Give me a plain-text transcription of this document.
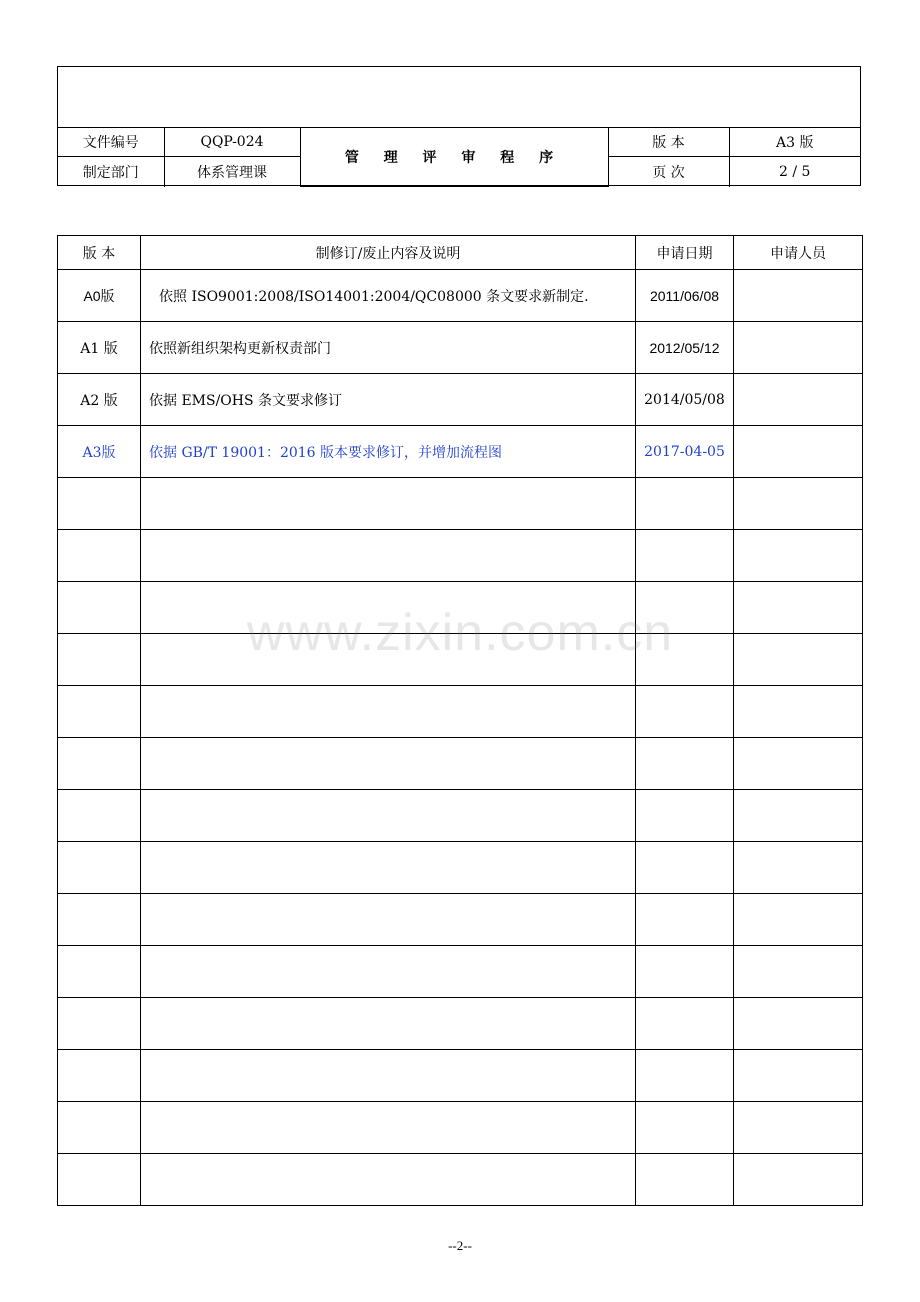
文件编号	QQP-024	管 理 评 审 程 序	版 本	A3 版
制定部门	体系管理课		页 次	2 / 5
版 本	制修订/废止内容及说明	申请日期	申请人员
A0版	依照 ISO9001:2008/ISO14001:2004/QC08000 条文要求新制定.	2011/06/08	
A1 版	依照新组织架构更新权责部门	2012/05/12	
A2 版	依据 EMS/OHS 条文要求修订	2014/05/08	
A3版	依据 GB/T 19001：2016 版本要求修订，并增加流程图	2017-04-05	

www.zixin.com.cn
--2--
